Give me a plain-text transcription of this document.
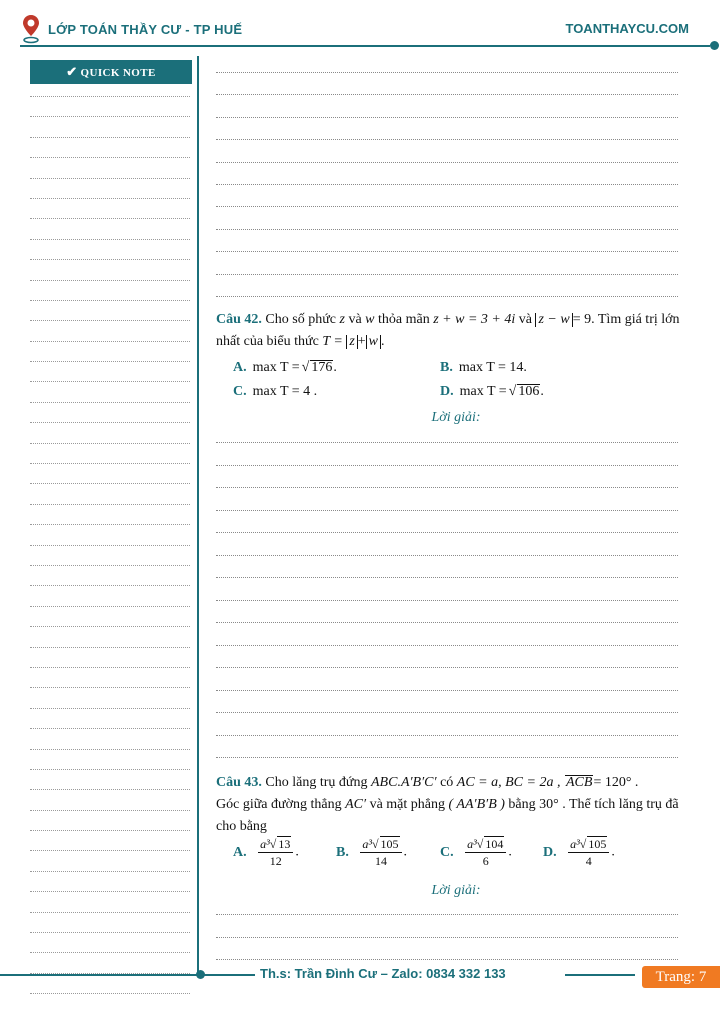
LỚP TOÁN THẦY CƯ - TP HUẾ	TOANTHAYCU.COM
✔ QUICK NOTE
Câu 42. Cho số phức z và w thỏa mãn z + w = 3 + 4i và z − w = 9. Tìm giá trị lớn nhất của biểu thức T = z + w .
A. max T = √ 176.	B. max T = 14.
C. max T = 4 .	D. max T = √ 106.
Lời giải:
Câu 43. Cho lăng trụ đứng ABC.A′B′C′ có AC = a, BC = 2a , ACB= 120° .
Góc giữa đường thẳng AC′ và mặt phẳng ( AA′B′B ) bằng 30° . Thể tích lăng trụ đã cho bằng
A. $\frac{\text{a³√ 13}}{12}$ .	B. $\frac{\text{a³√ 105}}{14}$ . C. $\frac{\text{a³√ 104}}{6}$ . D. $\frac{\text{a³√ 105}}{4}$ .
Lời giải:
Th.s: Trần Đình Cư – Zalo: 0834 332 133	Trang: 7
